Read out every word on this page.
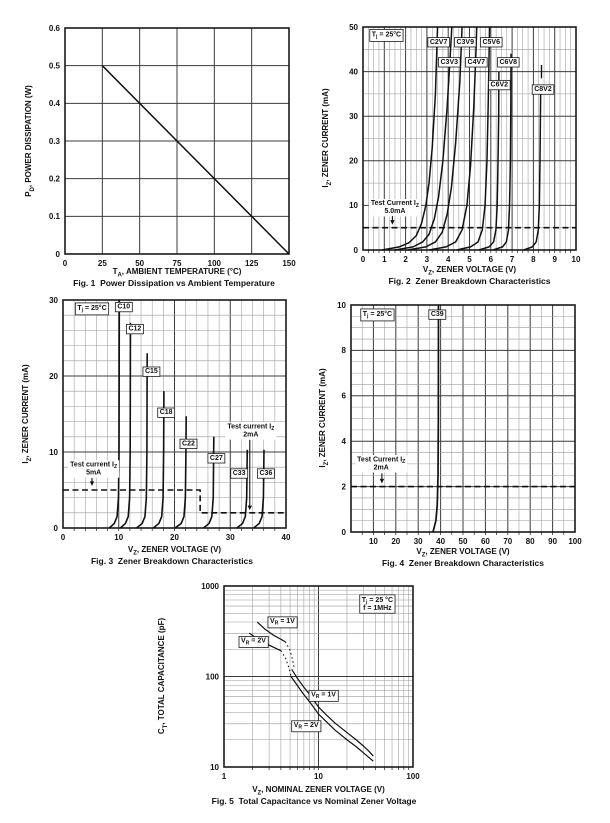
$P_D$, POWER DISSIPATION (W)
0	25	50	75	100	125	150
0
0.1
0.2
0.3
0.4
0.5
0.6
$T_A$, AMBIENT TEMPERATURE (°C)
Fig. 1  Power Dissipation vs Ambient Temperature
$I_Z$, ZENER CURRENT (mA)
0 1 2 3 4 5 6 7 8 9 10
0
10
20
30
40
50
$T_j = 25^\circ C$
C2V7 C3V9 C5V6
C3V3 C4V7 C6V8
C6V2
C8V2
Test Current $I_Z$
5.0mA
$V_Z$, ZENER VOLTAGE (V)
Fig. 2  Zener Breakdown Characteristics
$I_Z$, ZENER CURRENT (mA)
0	10	20	30	40
0
10
20
30
$T_j = 25^\circ C$ C10
C12
C15
C18
C22
C27
C33 C36
Test current $I_Z$
5mA
Test current $I_Z$
2mA
$V_Z$, ZENER VOLTAGE (V)
Fig. 3  Zener Breakdown Characteristics
$I_Z$, ZENER CURRENT (mA)
10 20 30 40 50 60 70 80 90 100
0
2
4
6
8
10
$T_j = 25^\circ C$	C39
Test Current $I_Z$
2mA
$V_Z$, ZENER VOLTAGE (V)
Fig. 4  Zener Breakdown Characteristics
$C_T$, TOTAL CAPACITANCE (pF)
1	10	100
10
100
1000
$V_R = 1V$
$V_R = 2V$
$V_R = 1V$
$V_R = 2V$
$T_j = 25$ °C
f = 1MHz
$V_Z$, NOMINAL ZENER VOLTAGE (V)
Fig. 5  Total Capacitance vs Nominal Zener Voltage
